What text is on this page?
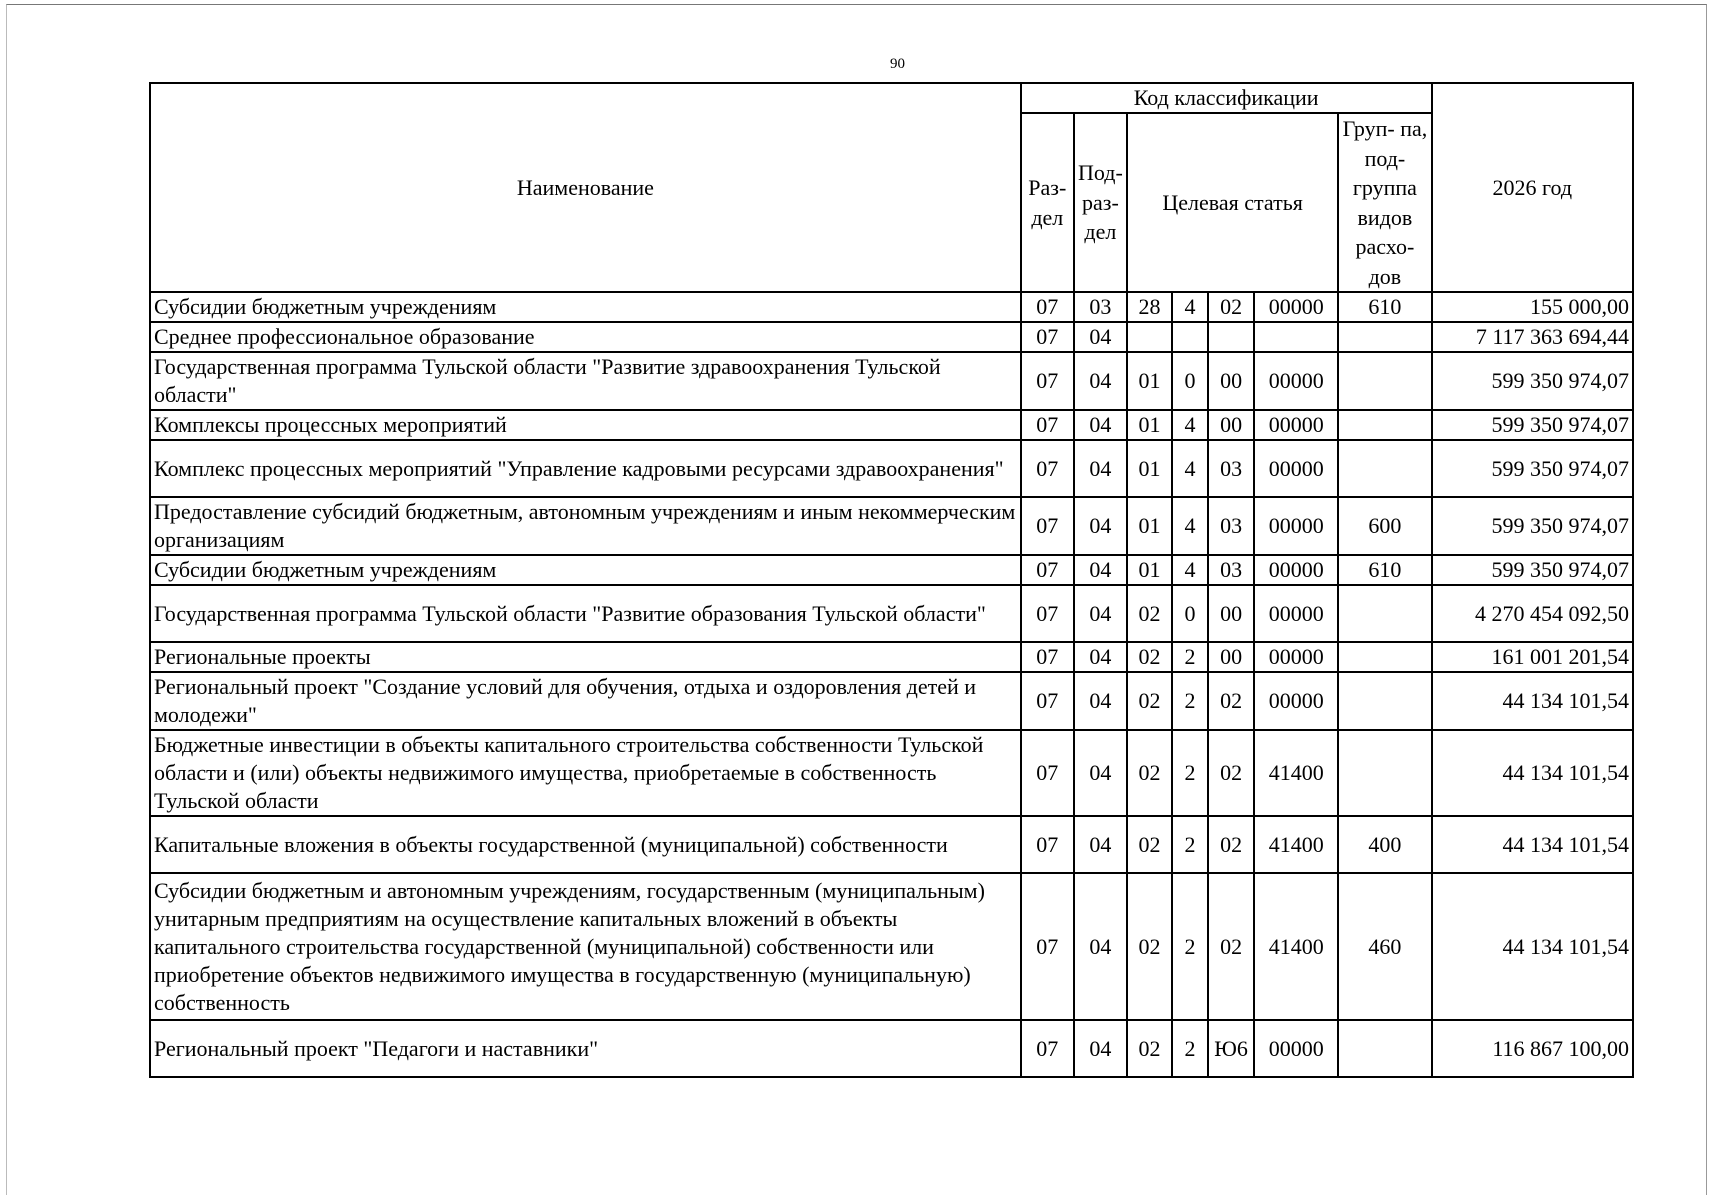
90
Наименование	Код классификации							2026 год
	Раз- дел	Под- раз- дел	Целевая статья				Груп- па, под- группа видов расхо- дов	
Субсидии бюджетным учреждениям	07	03	28	4	02	00000	610	155 000,00
Среднее профессиональное образование	07	04						7 117 363 694,44
Государственная программа Тульской области "Развитие здравоохранения Тульской области"	07	04	01	0	00	00000		599 350 974,07
Комплексы процессных мероприятий	07	04	01	4	00	00000		599 350 974,07
Комплекс процессных мероприятий "Управление кадровыми ресурсами здравоохранения"	07	04	01	4	03	00000		599 350 974,07
Предоставление субсидий бюджетным, автономным учреждениям и иным некоммерческим организациям	07	04	01	4	03	00000	600	599 350 974,07
Субсидии бюджетным учреждениям	07	04	01	4	03	00000	610	599 350 974,07
Государственная программа Тульской области "Развитие образования Тульской области"	07	04	02	0	00	00000		4 270 454 092,50
Региональные проекты	07	04	02	2	00	00000		161 001 201,54
Региональный проект "Создание условий для обучения, отдыха и оздоровления детей и молодежи"	07	04	02	2	02	00000		44 134 101,54
Бюджетные инвестиции в объекты капитального строительства собственности Тульской области и (или) объекты недвижимого имущества, приобретаемые в собственность Тульской области	07	04	02	2	02	41400		44 134 101,54
Капитальные вложения в объекты государственной (муниципальной) собственности	07	04	02	2	02	41400	400	44 134 101,54
Субсидии бюджетным и автономным учреждениям, государственным (муниципальным) унитарным предприятиям на осуществление капитальных вложений в объекты капитального строительства государственной (муниципальной) собственности или приобретение объектов недвижимого имущества в государственную (муниципальную) собственность	07	04	02	2	02	41400	460	44 134 101,54
Региональный проект "Педагоги и наставники"	07	04	02	2	Ю6	00000		116 867 100,00
